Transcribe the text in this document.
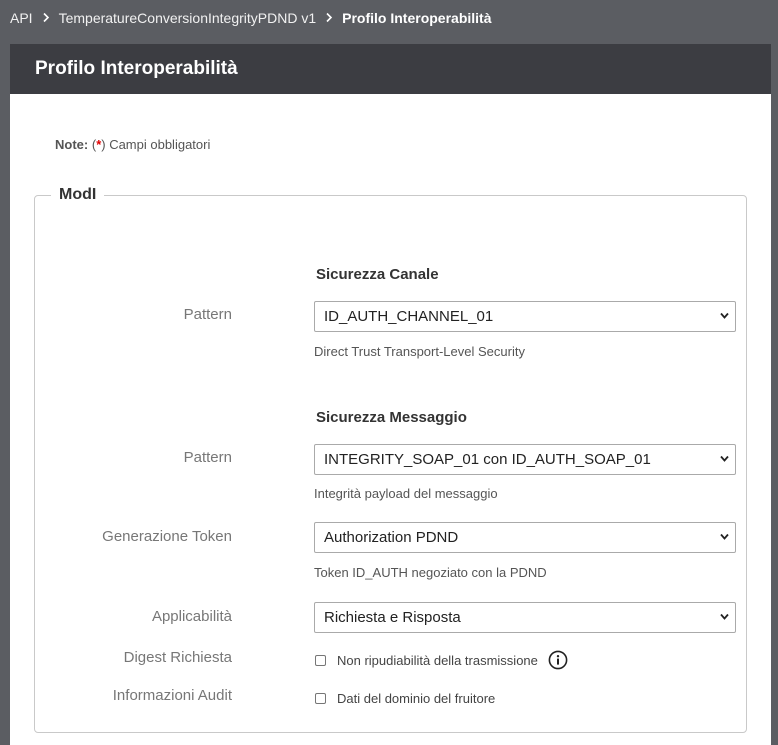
API TemperatureConversionIntegrityPDND v1 Profilo Interoperabilità
Profilo Interoperabilità
Note: (*) Campi obbligatori
ModI
Sicurezza Canale
Pattern	ID_AUTH_CHANNEL_01
Direct Trust Transport-Level Security
Sicurezza Messaggio
Pattern	INTEGRITY_SOAP_01 con ID_AUTH_SOAP_01
Integrità payload del messaggio
Generazione Token	Authorization PDND
Token ID_AUTH negoziato con la PDND
Applicabilità	Richiesta e Risposta
Digest Richiesta	Non ripudiabilità della trasmissione
Informazioni Audit	Dati del dominio del fruitore
